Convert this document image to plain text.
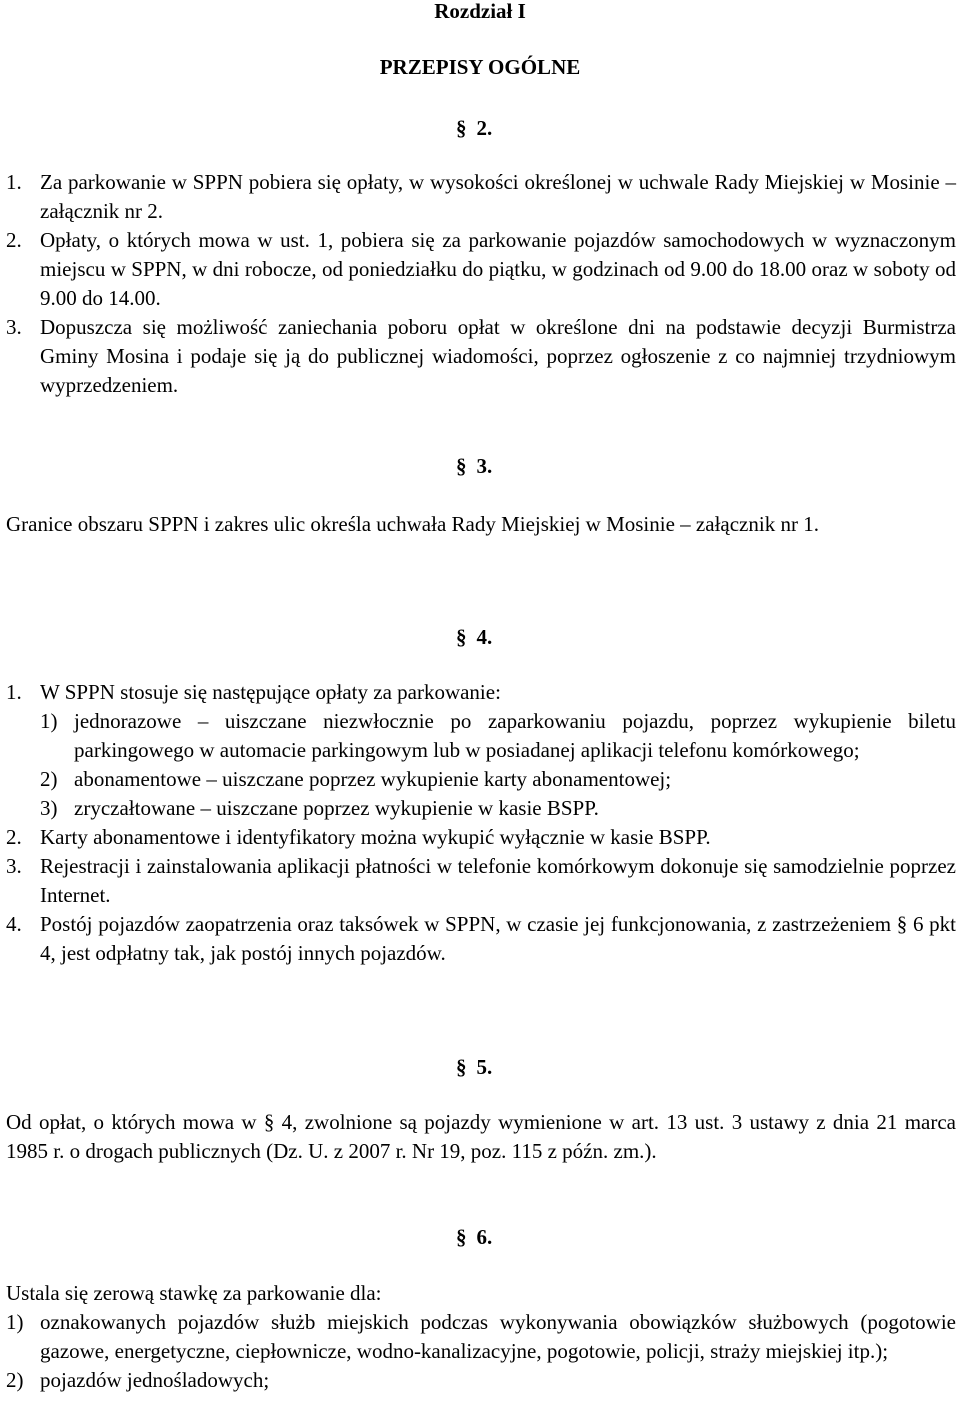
Rozdział I
PRZEPISY OGÓLNE
§ 2.
1. Za parkowanie w SPPN pobiera się opłaty, w wysokości określonej w uchwale Rady Miejskiej w Mosinie – załącznik nr 2.
2. Opłaty, o których mowa w ust. 1, pobiera się za parkowanie pojazdów samochodowych w wyznaczonym miejscu w SPPN, w dni robocze, od poniedziałku do piątku, w godzinach od 9.00 do 18.00 oraz w soboty od 9.00 do 14.00.
3. Dopuszcza się możliwość zaniechania poboru opłat w określone dni na podstawie decyzji Burmistrza Gminy Mosina i podaje się ją do publicznej wiadomości, poprzez ogłoszenie z co najmniej trzydniowym wyprzedzeniem.
§ 3.
Granice obszaru SPPN i zakres ulic określa uchwała Rady Miejskiej w Mosinie – załącznik nr 1.
§ 4.
1. W SPPN stosuje się następujące opłaty za parkowanie:
1) jednorazowe – uiszczane niezwłocznie po zaparkowaniu pojazdu, poprzez wykupienie biletu parkingowego w automacie parkingowym lub w posiadanej aplikacji telefonu komórkowego;
2) abonamentowe – uiszczane poprzez wykupienie karty abonamentowej;
3) zryczałtowane – uiszczane poprzez wykupienie w kasie BSPP.
2. Karty abonamentowe i identyfikatory można wykupić wyłącznie w kasie BSPP.
3. Rejestracji i zainstalowania aplikacji płatności w telefonie komórkowym dokonuje się samodzielnie poprzez Internet.
4. Postój pojazdów zaopatrzenia oraz taksówek w SPPN, w czasie jej funkcjonowania, z zastrzeżeniem § 6 pkt 4, jest odpłatny tak, jak postój innych pojazdów.
§ 5.
Od opłat, o których mowa w § 4, zwolnione są pojazdy wymienione w art. 13 ust. 3 ustawy z dnia 21 marca 1985 r. o drogach publicznych (Dz. U. z 2007 r. Nr 19, poz. 115 z późn. zm.).
§ 6.
Ustala się zerową stawkę za parkowanie dla:
1) oznakowanych pojazdów służb miejskich podczas wykonywania obowiązków służbowych (pogotowie gazowe, energetyczne, ciepłownicze, wodno-kanalizacyjne, pogotowie, policji, straży miejskiej itp.);
2) pojazdów jednośladowych;
